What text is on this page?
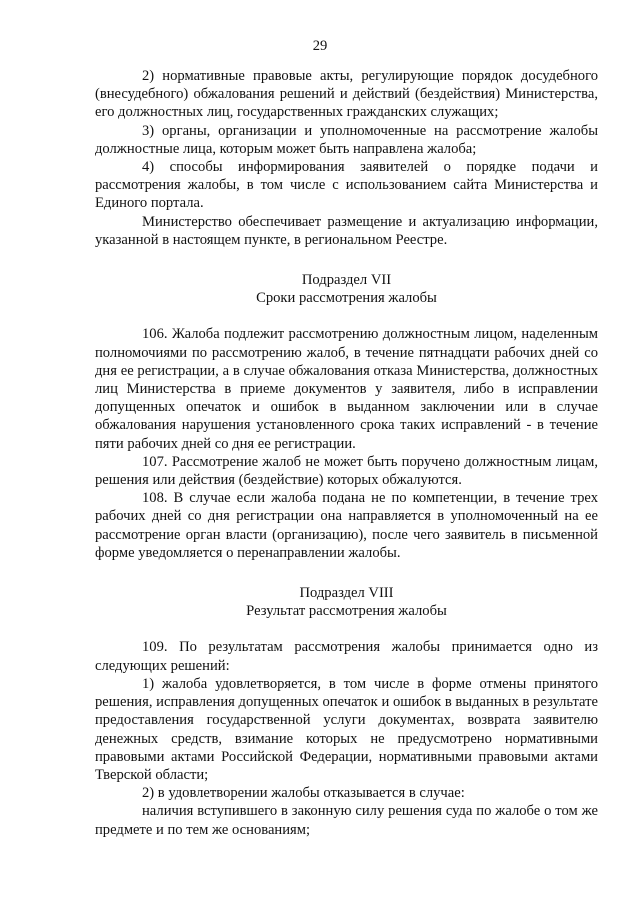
29

2) нормативные правовые акты, регулирующие порядок досудебного (внесудебного) обжалования решений и действий (бездействия) Министерства, его должностных лиц, государственных гражданских служащих;

3) органы, организации и уполномоченные на рассмотрение жалобы должностные лица, которым может быть направлена жалоба;

4) способы информирования заявителей о порядке подачи и рассмотрения жалобы, в том числе с использованием сайта Министерства и Единого портала.

Министерство обеспечивает размещение и актуализацию информации, указанной в настоящем пункте, в региональном Реестре.

Подраздел VII

Сроки рассмотрения жалобы

106. Жалоба подлежит рассмотрению должностным лицом, наделенным полномочиями по рассмотрению жалоб, в течение пятнадцати рабочих дней со дня ее регистрации, а в случае обжалования отказа Министерства, должностных лиц Министерства в приеме документов у заявителя, либо в исправлении допущенных опечаток и ошибок в выданном заключении или в случае обжалования нарушения установленного срока таких исправлений - в течение пяти рабочих дней со дня ее регистрации.

107. Рассмотрение жалоб не может быть поручено должностным лицам, решения или действия (бездействие) которых обжалуются.

108. В случае если жалоба подана не по компетенции, в течение трех рабочих дней со дня регистрации она направляется в уполномоченный на ее рассмотрение орган власти (организацию), после чего заявитель в письменной форме уведомляется о перенаправлении жалобы.

Подраздел VIII

Результат рассмотрения жалобы

109. По результатам рассмотрения жалобы принимается одно из следующих решений:

1) жалоба удовлетворяется, в том числе в форме отмены принятого решения, исправления допущенных опечаток и ошибок в выданных в результате предоставления государственной услуги документах, возврата заявителю денежных средств, взимание которых не предусмотрено нормативными правовыми актами Российской Федерации, нормативными правовыми актами Тверской области;

2) в удовлетворении жалобы отказывается в случае:

наличия вступившего в законную силу решения суда по жалобе о том же предмете и по тем же основаниям;
